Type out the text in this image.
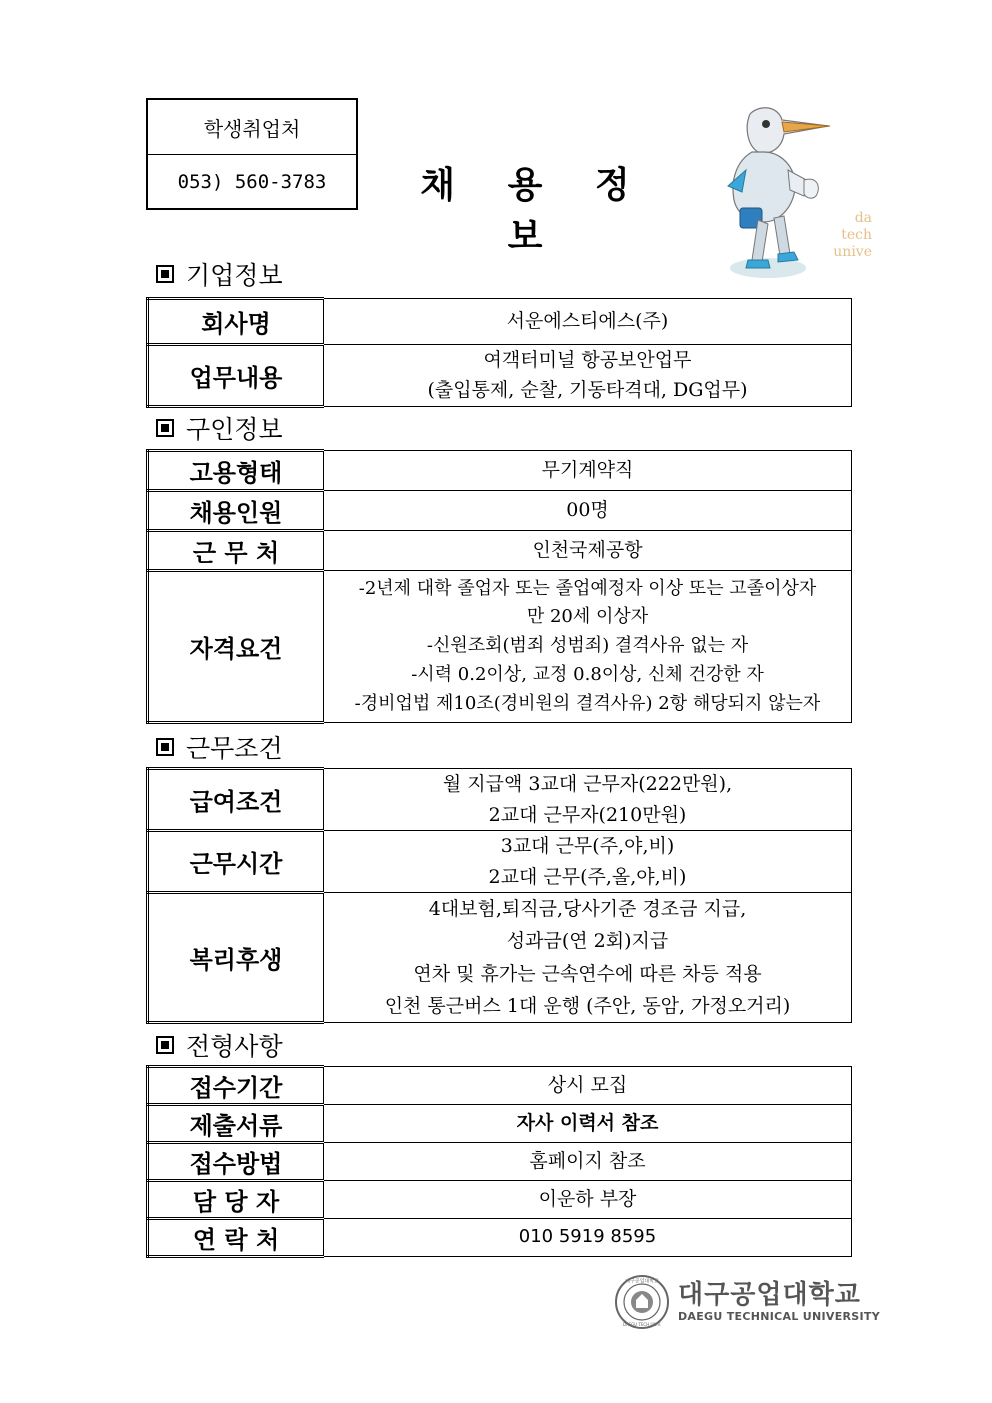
학생취업처
053) 560-3783	채 용 정 보	da
tech
unive
기업정보
회사명	서운에스티에스(주)

업무내용	여객터미널 항공보안업무
(출입통제, 순찰, 기동타격대, DG업무)
구인정보
고용형태	무기계약직

채용인원	00명

근 무 처	인천국제공항

자격요건	-2년제 대학 졸업자 또는 졸업예정자 이상 또는 고졸이상자
만 20세 이상자
-신원조회(범죄 성범죄) 결격사유 없는 자
-시력 0.2이상, 교정 0.8이상, 신체 건강한 자
-경비업법 제10조(경비원의 결격사유) 2항 해당되지 않는자
근무조건
급여조건	월 지급액 3교대 근무자(222만원),
2교대 근무자(210만원)

근무시간	3교대 근무(주,야,비)
2교대 근무(주,올,야,비)

복리후생	4대보험,퇴직금,당사기준 경조금 지급,
성과금(연 2회)지급
연차 및 휴가는 근속연수에 따른 차등 적용
인천 통근버스 1대 운행 (주안, 동암, 가정오거리)
전형사항
접수기간	상시 모집

제출서류	자사 이력서 참조

접수방법	홈페이지 참조

담 당 자	이운하 부장

연 락 처	010 5919 8595
대구공업대학교
DAEGU TECH UNIV.
대구공업대학교
DAEGU TECHNICAL UNIVERSITY
